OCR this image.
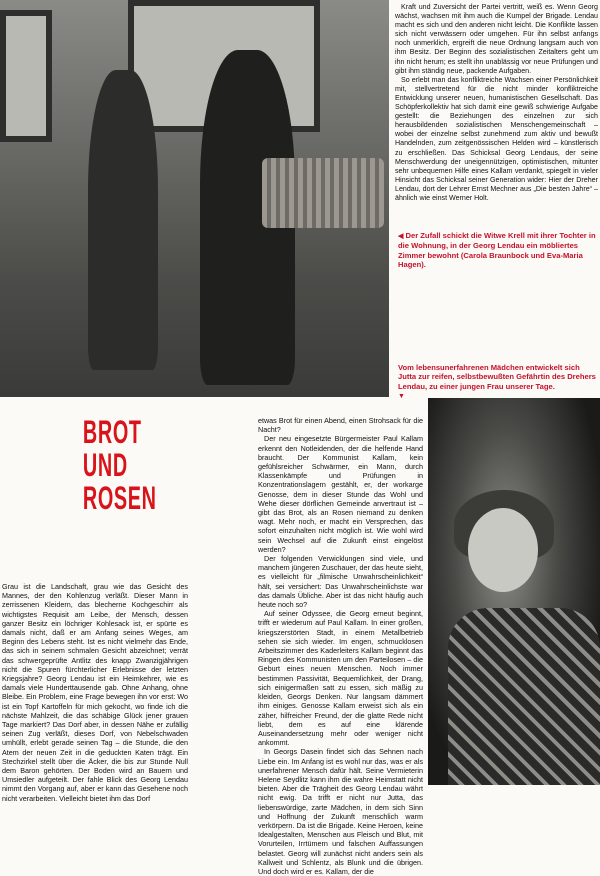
Kraft und Zuversicht der Partei vertritt, weiß es. Wenn Georg wächst, wachsen mit ihm auch die Kumpel der Brigade. Lendau macht es sich und den anderen nicht leicht. Die Konflikte lassen sich nicht verwässern oder umgehen. Für ihn selbst anfangs noch unmerklich, ergreift die neue Ordnung langsam auch von ihm Besitz. Der Beginn des sozialistischen Zeitalters geht um ihn nicht herum; es stellt ihn unablässig vor neue Prüfungen und gibt ihm ständig neue, packende Aufgaben.

So erlebt man das konfliktreiche Wachsen einer Persönlichkeit mit, stellvertretend für die nicht minder konfliktreiche Entwicklung unserer neuen, humanistischen Gesellschaft. Das Schöpferkollektiv hat sich damit eine gewiß schwierige Aufgabe gestellt: die Beziehungen des einzelnen zur sich herausbildenden sozialistischen Menschengemeinschaft – wobei der einzelne selbst zunehmend zum aktiv und bewußt Handelnden, zum zeitgenössischen Helden wird – künstlerisch zu erschließen. Das Schicksal Georg Lendaus, der seine Menschwerdung der uneigennützigen, optimistischen, mitunter sehr unbequemen Hilfe eines Kallam verdankt, spiegelt in vieler Hinsicht das Schicksal seiner Generation wider: Hier der Dreher Lendau, dort der Lehrer Ernst Mechner aus „Die besten Jahre“ – ähnlich wie einst Werner Holt.

◀ Der Zufall schickt die Witwe Krell mit ihrer Tochter in die Wohnung, in der Georg Lendau ein möbliertes Zimmer bewohnt (Carola Braunbock und Eva-Maria Hagen).
Vom lebensunerfahrenen Mädchen entwickelt sich Jutta zur reifen, selbstbewußten Gefährtin des Drehers Lendau, zu einer jungen Frau unserer Tage.
▼
BROT
UND
ROSEN

Grau ist die Landschaft, grau wie das Gesicht des Mannes, der den Kohlenzug verläßt. Dieser Mann in zerrissenen Kleidern, das blecherne Kochgeschirr als wichtigstes Requisit am Leibe, der Mensch, dessen ganzer Besitz ein löchriger Kohlesack ist, er spürte es damals nicht, daß er am Anfang seines Weges, am Beginn des Lebens steht. Ist es nicht vielmehr das Ende, das sich in seinem schmalen Gesicht abzeichnet; verrät das schwergeprüfte Antlitz des knapp Zwanzigjährigen nicht die Spuren fürchterlicher Erlebnisse der letzten Kriegsjahre? Georg Lendau ist ein Heimkehrer, wie es damals viele Hunderttausende gab. Ohne Anhang, ohne Bleibe. Ein Problem, eine Frage bewegen ihn vor erst: Wo ist ein Topf Kartoffeln für mich gekocht, wo finde ich die nächste Mahlzeit, die das schäbige Glück jener grauen Tage markiert? Das Dorf aber, in dessen Nähe er zufällig seinen Zug verläßt, dieses Dorf, von Nebelschwaden umhüllt, erlebt gerade seinen Tag – die Stunde, die den Atem der neuen Zeit in die geduckten Katen trägt. Ein Stechzirkel stellt über die Äcker, die bis zur Stunde Null dem Baron gehörten. Der Boden wird an Bauern und Umsiedler aufgeteilt. Der fahle Blick des Georg Lendau nimmt den Vorgang auf, aber er kann das Gesehene noch nicht verarbeiten. Vielleicht bietet ihm das Dorf

etwas Brot für einen Abend, einen Strohsack für die Nacht?

Der neu eingesetzte Bürgermeister Paul Kallam erkennt den Notleidenden, der die helfende Hand braucht. Der Kommunist Kallam, kein gefühlsreicher Schwärmer, ein Mann, durch Klassenkämpfe und Prüfungen in Konzentrationslagern gestählt, er, der workarge Genosse, dem in dieser Stunde das Wohl und Wehe dieser dörflichen Gemeinde anvertraut ist – gibt das Brot, als an Rosen niemand zu denken wagt. Mehr noch, er macht ein Versprechen, das sofort einzuhalten nicht möglich ist. Wie wohl wird sein Wechsel auf die Zukunft einst eingelöst werden?

Der folgenden Verwicklungen sind viele, und manchem jüngeren Zuschauer, der das heute sieht, es vielleicht für „filmische Unwahrscheinlichkeit“ hält, sei versichert: Das Unwahrscheinlichste war das damals Übliche. Aber ist das nicht häufig auch heute noch so?

Auf seiner Odyssee, die Georg erneut beginnt, trifft er wiederum auf Paul Kallam. In einer großen, kriegszerstörten Stadt, in einem Metallbetrieb sehen sie sich wieder. Im engen, schmucklosen Arbeitszimmer des Kaderleiters Kallam beginnt das Ringen des Kommunisten um den Parteilosen – die Geburt eines neuen Menschen. Noch immer bestimmen Passivität, Bequemlichkeit, der Drang, sich einigermaßen satt zu essen, sich mäßig zu kleiden, Georgs Denken. Nur langsam dämmert ihm einiges. Genosse Kallam erweist sich als ein zäher, hilfreicher Freund, der die glatte Rede nicht liebt, dem es auf eine klärende Auseinandersetzung mehr oder weniger nicht ankommt.

In Georgs Dasein findet sich das Sehnen nach Liebe ein. Im Anfang ist es wohl nur das, was er als unerfahrener Mensch dafür hält. Seine Vermieterin Helene Seydlitz kann ihm die wahre Heimstatt nicht bieten. Aber die Trägheit des Georg Lendau währt nicht ewig. Da trifft er nicht nur Jutta, das liebenswürdige, zarte Mädchen, in dem sich Sinn und Hoffnung der Zukunft menschlich warm verkörpern. Da ist die Brigade. Keine Heroen, keine Idealgestalten, Menschen aus Fleisch und Blut, mit Vorurteilen, Irrtümern und falschen Auffassungen belastet. Georg will zunächst nicht anders sein als Kallweit und Schlentz, als Blunk und die übrigen. Und doch wird er es. Kallam, der die
